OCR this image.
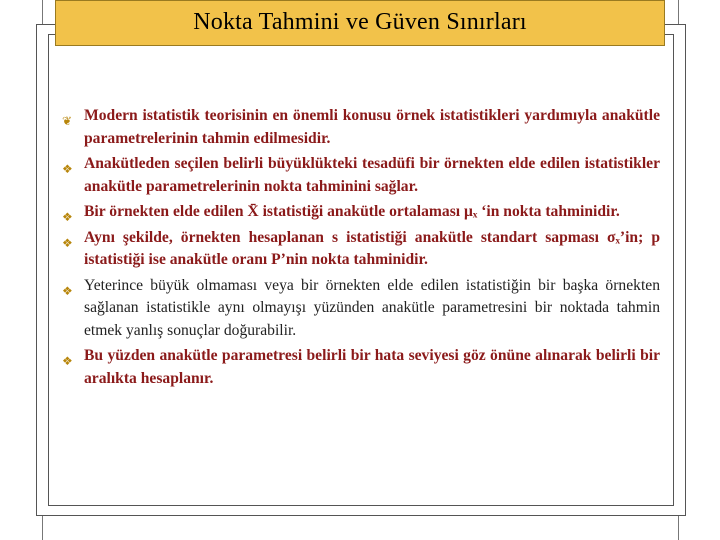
Nokta Tahmini ve Güven Sınırları
❦ Modern istatistik teorisinin en önemli konusu örnek istatistikleri yardımıyla anakütle parametrelerinin tahmin edilmesidir.
❖ Anakütleden seçilen belirli büyüklükteki tesadüfi bir örnekten elde edilen istatistikler anakütle parametrelerinin nokta tahminini sağlar.
❖ Bir örnekten elde edilen X̄ istatistiği anakütle ortalaması μₓ ‘in nokta tahminidir.
❖ Aynı şekilde, örnekten hesaplanan s istatistiği anakütle standart sapması σₓ’in; p istatistiği ise anakütle oranı P’nin nokta tahminidir.
❖ Yeterince büyük olmaması veya bir örnekten elde edilen istatistiğin bir başka örnekten sağlanan istatistikle aynı olmayışı yüzünden anakütle parametresini bir noktada tahmin etmek yanlış sonuçlar doğurabilir.
❖ Bu yüzden anakütle parametresi belirli bir hata seviyesi göz önüne alınarak belirli bir aralıkta hesaplanır.
